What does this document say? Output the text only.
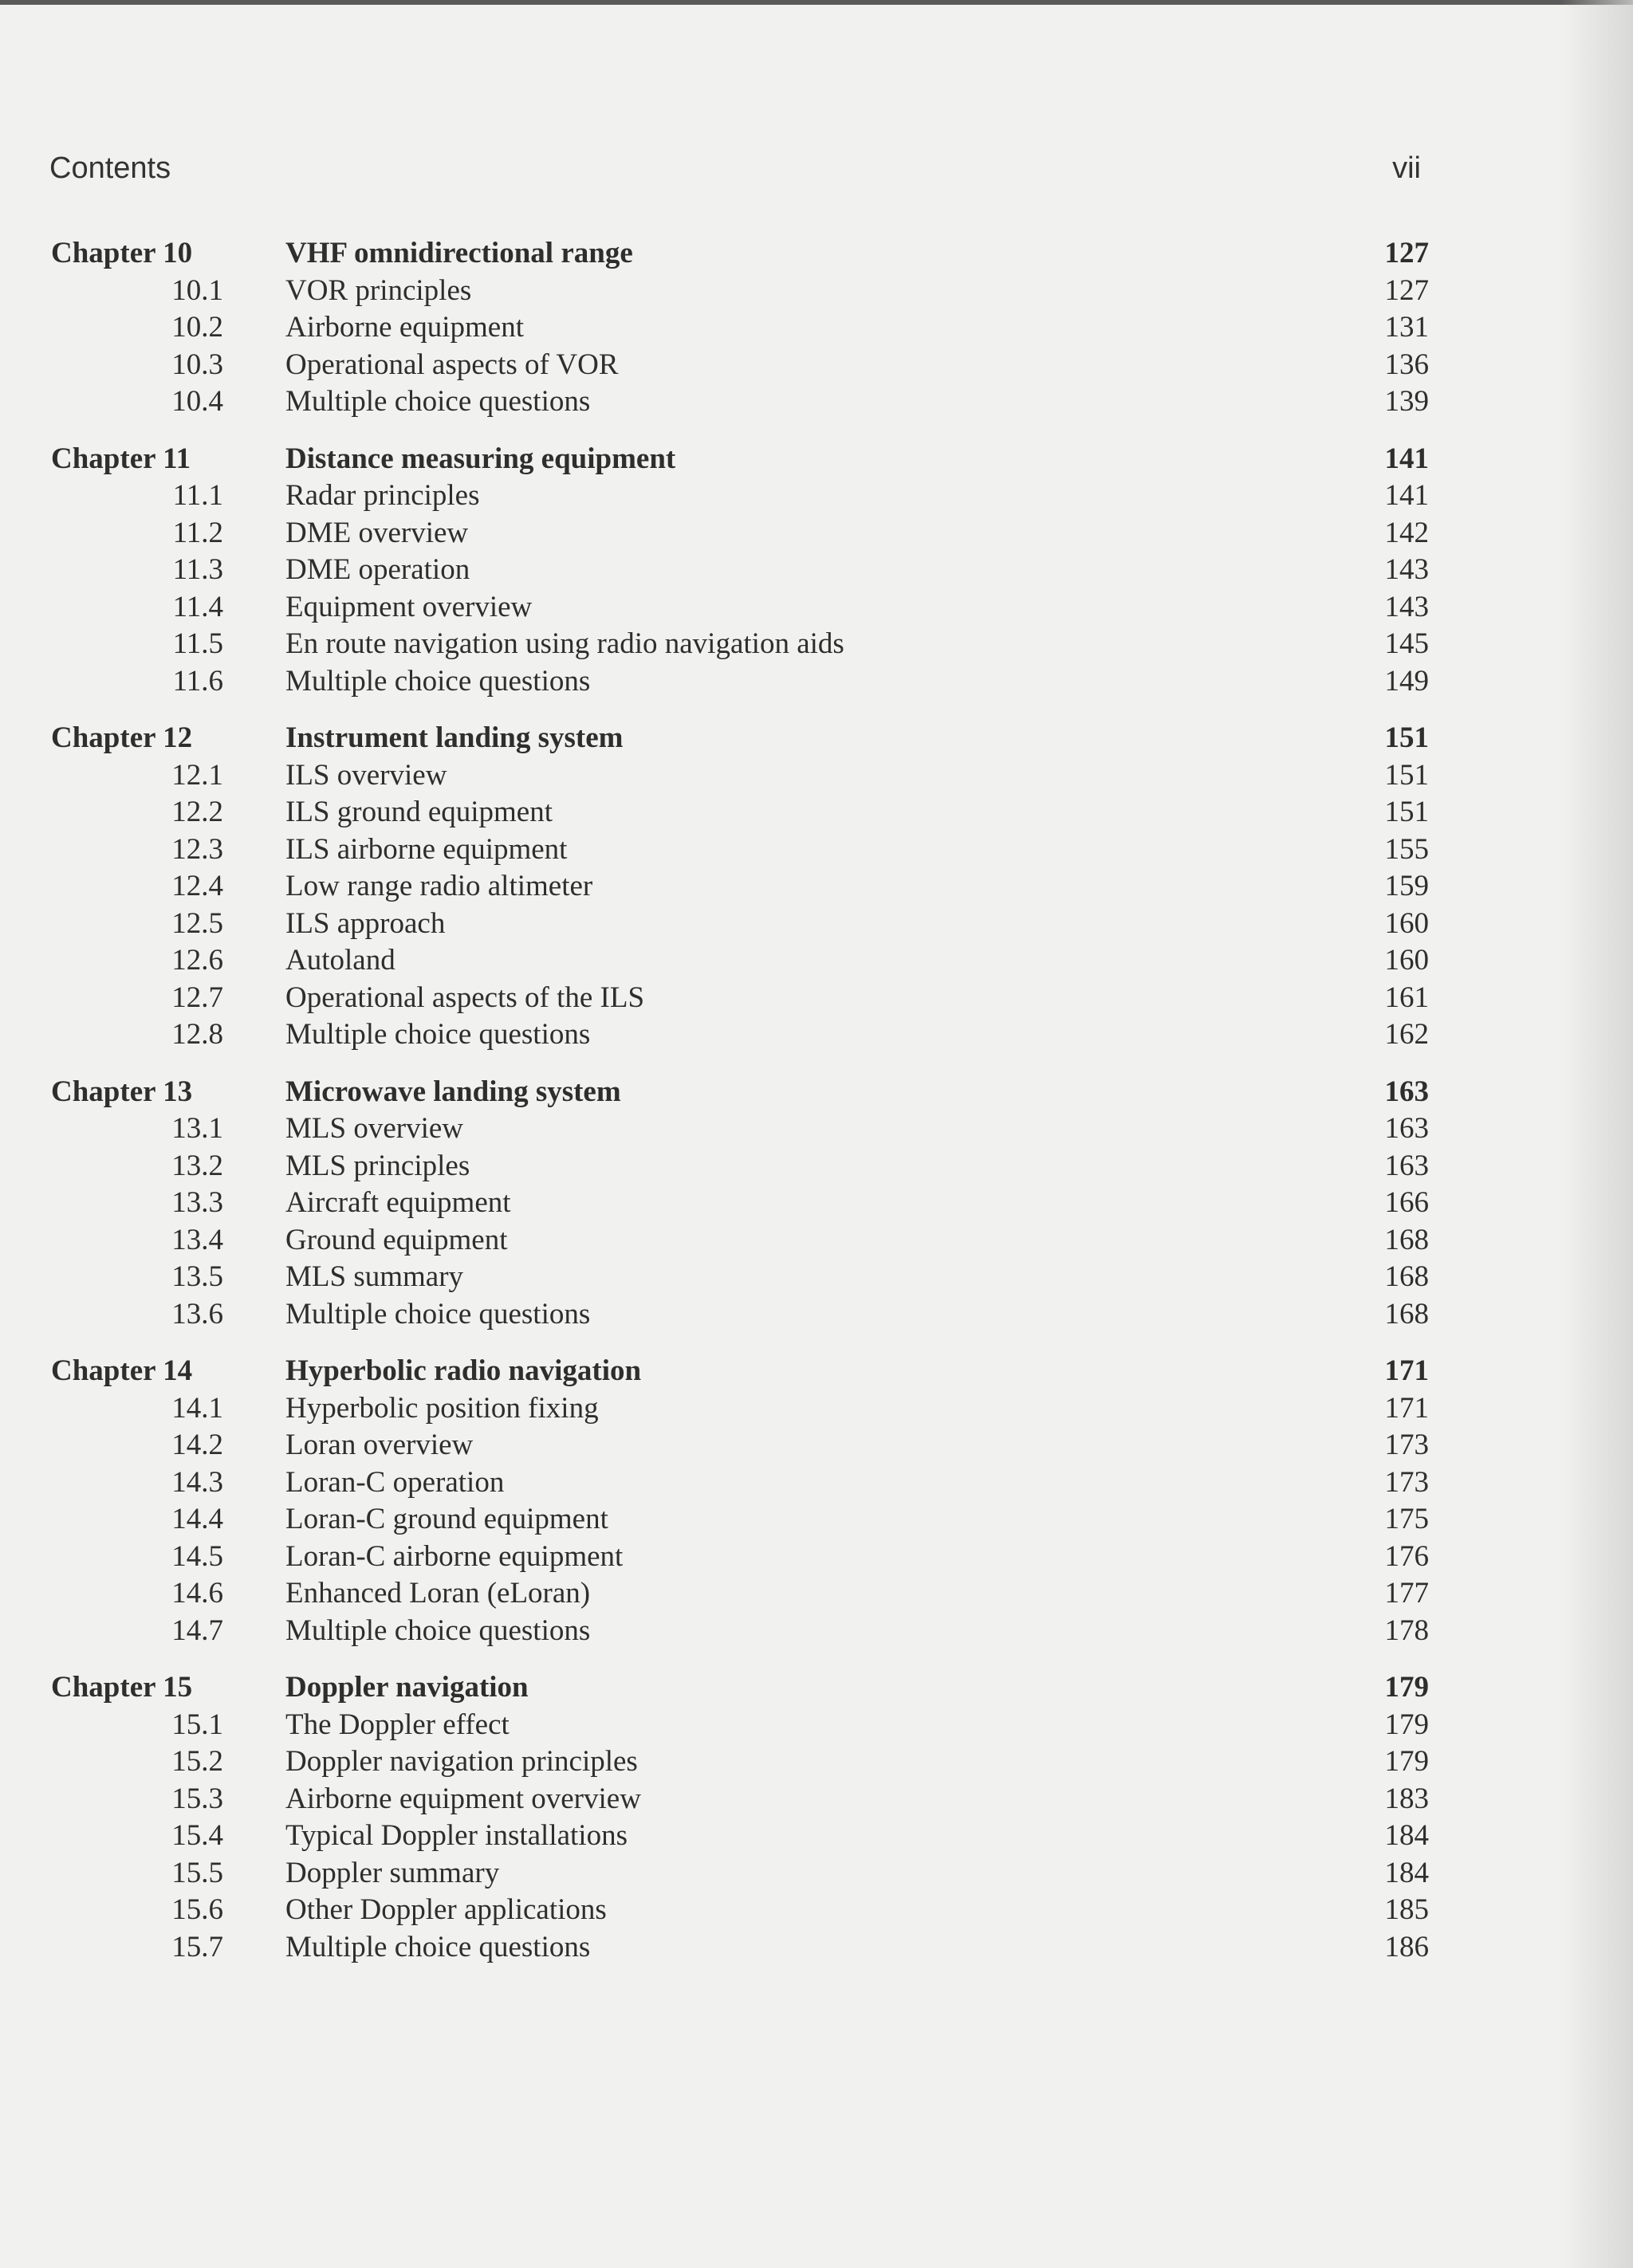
Contents	vii
Chapter 10	VHF omnidirectional range	127
10.1 VOR principles	127
10.2 Airborne equipment	131
10.3 Operational aspects of VOR	136
10.4 Multiple choice questions	139
Chapter 11	Distance measuring equipment	141
11.1 Radar principles	141
11.2 DME overview	142
11.3 DME operation	143
11.4 Equipment overview	143
11.5 En route navigation using radio navigation aids	145
11.6 Multiple choice questions	149
Chapter 12	Instrument landing system	151
12.1 ILS overview	151
12.2 ILS ground equipment	151
12.3 ILS airborne equipment	155
12.4 Low range radio altimeter	159
12.5 ILS approach	160
12.6 Autoland	160
12.7 Operational aspects of the ILS	161
12.8 Multiple choice questions	162
Chapter 13	Microwave landing system	163
13.1 MLS overview	163
13.2 MLS principles	163
13.3 Aircraft equipment	166
13.4 Ground equipment	168
13.5 MLS summary	168
13.6 Multiple choice questions	168
Chapter 14	Hyperbolic radio navigation	171
14.1 Hyperbolic position fixing	171
14.2 Loran overview	173
14.3 Loran-C operation	173
14.4 Loran-C ground equipment	175
14.5 Loran-C airborne equipment	176
14.6 Enhanced Loran (eLoran)	177
14.7 Multiple choice questions	178
Chapter 15	Doppler navigation	179
15.1 The Doppler effect	179
15.2 Doppler navigation principles	179
15.3 Airborne equipment overview	183
15.4 Typical Doppler installations	184
15.5 Doppler summary	184
15.6 Other Doppler applications	185
15.7 Multiple choice questions	186
